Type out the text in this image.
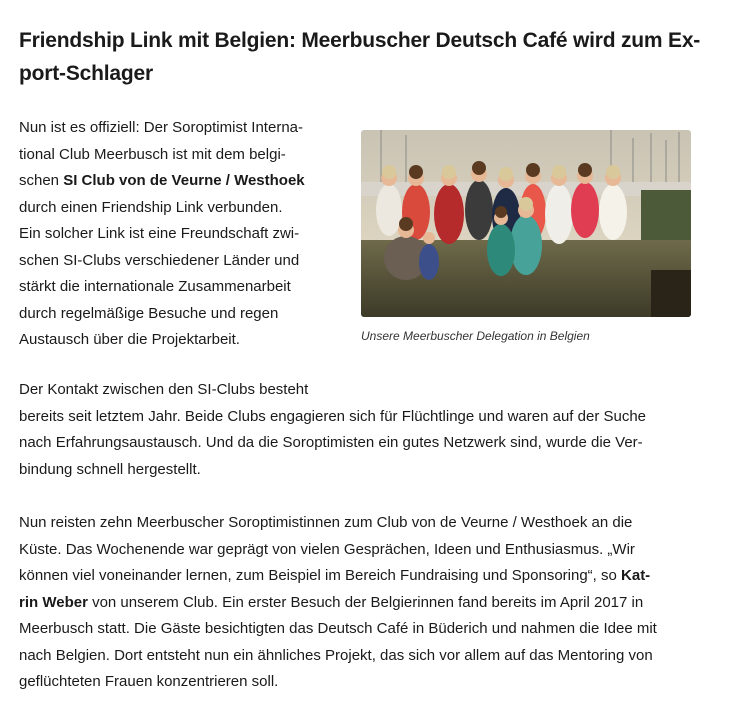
Friendship Link mit Belgien: Meerbuscher Deutsch Café wird zum Ex-
port-Schlager

Nun ist es offiziell: Der Soroptimist Interna-
tional Club Meerbusch ist mit dem belgi-
schen SI Club von de Veurne / Westhoek
durch einen Friendship Link verbunden.
Ein solcher Link ist eine Freundschaft zwi-
schen SI-Clubs verschiedener Länder und
stärkt die internationale Zusammenarbeit
durch regelmäßige Besuche und regen
Austausch über die Projektarbeit.	Unsere Meerbuscher Delegation in Belgien

Der Kontakt zwischen den SI-Clubs besteht
bereits seit letztem Jahr. Beide Clubs engagieren sich für Flüchtlinge und waren auf der Suche
nach Erfahrungsaustausch. Und da die Soroptimisten ein gutes Netzwerk sind, wurde die Ver-
bindung schnell hergestellt.

Nun reisten zehn Meerbuscher Soroptimistinnen zum Club von de Veurne / Westhoek an die
Küste. Das Wochenende war geprägt von vielen Gesprächen, Ideen und Enthusiasmus. „Wir
können viel voneinander lernen, zum Beispiel im Bereich Fundraising und Sponsoring“, so Kat-
rin Weber von unserem Club. Ein erster Besuch der Belgierinnen fand bereits im April 2017 in
Meerbusch statt. Die Gäste besichtigten das Deutsch Café in Büderich und nahmen die Idee mit
nach Belgien. Dort entsteht nun ein ähnliches Projekt, das sich vor allem auf das Mentoring von
geflüchteten Frauen konzentrieren soll.
